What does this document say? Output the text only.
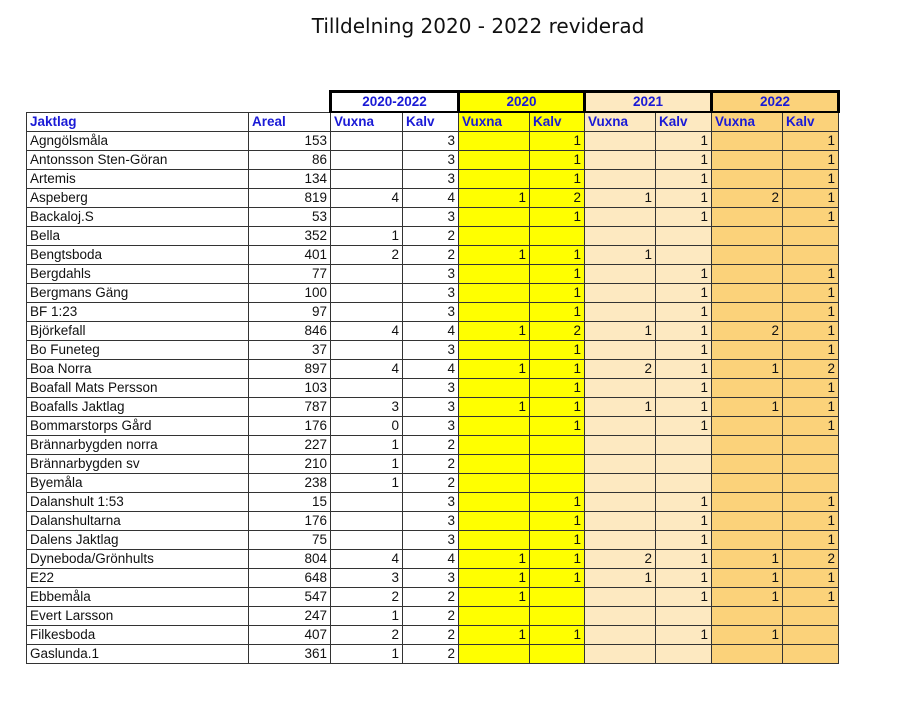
Tilldelning 2020 - 2022 reviderad
		2020-2022		2020		2021		2022	
Jaktlag	Areal	Vuxna	Kalv	Vuxna	Kalv	Vuxna	Kalv	Vuxna	Kalv
Agngölsmåla	153		3		1		1		1
Antonsson Sten-Göran	86		3		1		1		1
Artemis	134		3		1		1		1
Aspeberg	819	4	4	1	2	1	1	2	1
Backaloj.S	53		3		1		1		1
Bella	352	1	2						
Bengtsboda	401	2	2	1	1	1			
Bergdahls	77		3		1		1		1
Bergmans Gäng	100		3		1		1		1
BF 1:23	97		3		1		1		1
Björkefall	846	4	4	1	2	1	1	2	1
Bo Funeteg	37		3		1		1		1
Boa Norra	897	4	4	1	1	2	1	1	2
Boafall Mats Persson	103		3		1		1		1
Boafalls Jaktlag	787	3	3	1	1	1	1	1	1
Bommarstorps Gård	176	0	3		1		1		1
Brännarbygden norra	227	1	2						
Brännarbygden sv	210	1	2						
Byemåla	238	1	2						
Dalanshult 1:53	15		3		1		1		1
Dalanshultarna	176		3		1		1		1
Dalens Jaktlag	75		3		1		1		1
Dyneboda/Grönhults	804	4	4	1	1	2	1	1	2
E22	648	3	3	1	1	1	1	1	1
Ebbemåla	547	2	2	1			1	1	1
Evert Larsson	247	1	2						
Filkesboda	407	2	2	1	1		1	1	
Gaslunda.1	361	1	2						
